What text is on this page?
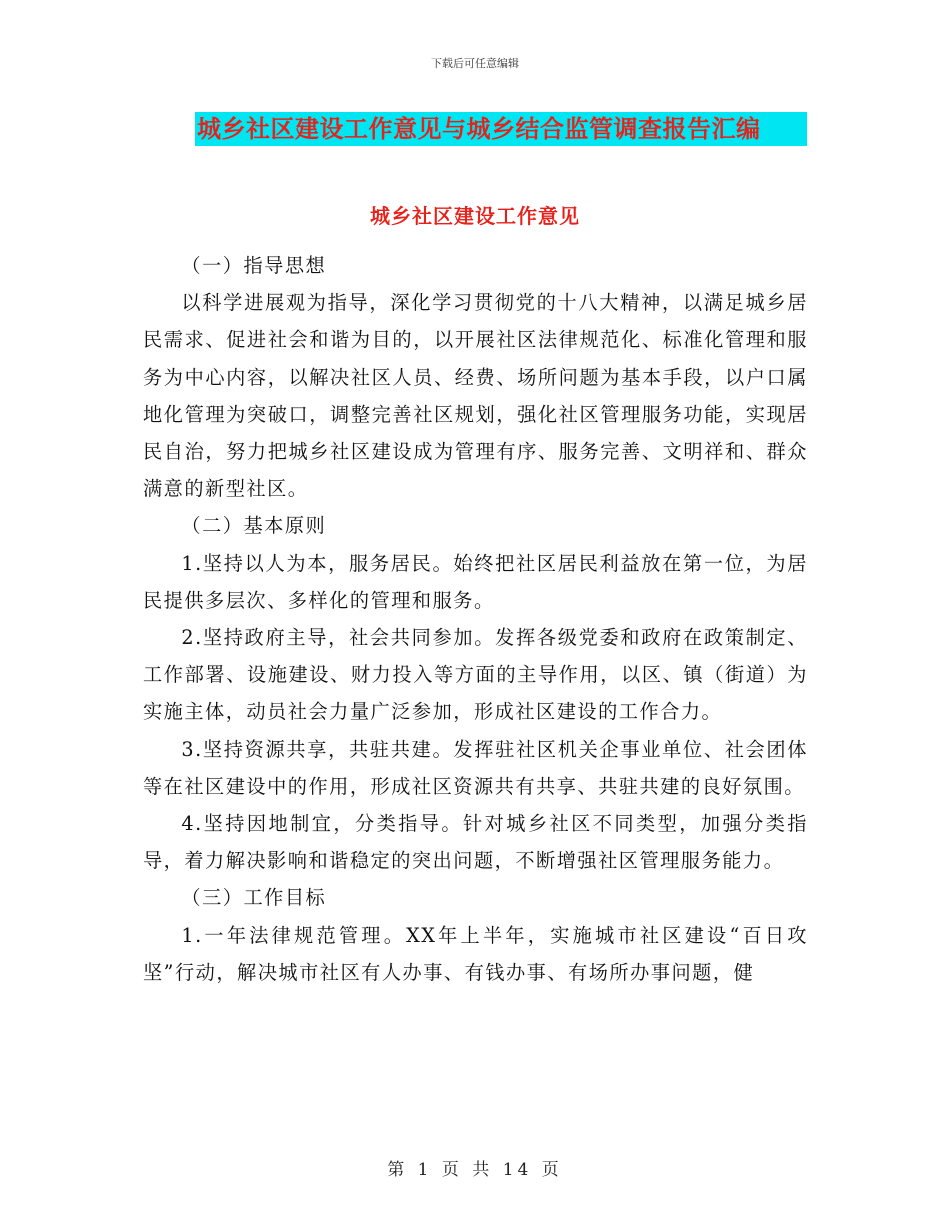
下载后可任意编辑
城乡社区建设工作意见与城乡结合监管调查报告汇编
城乡社区建设工作意见

（一）指导思想

以科学进展观为指导，深化学习贯彻党的十八大精神，以满足城乡居民需求、促进社会和谐为目的，以开展社区法律规范化、标准化管理和服务为中心内容，以解决社区人员、经费、场所问题为基本手段，以户口属地化管理为突破口，调整完善社区规划，强化社区管理服务功能，实现居民自治，努力把城乡社区建设成为管理有序、服务完善、文明祥和、群众满意的新型社区。

（二）基本原则

1.坚持以人为本，服务居民。始终把社区居民利益放在第一位，为居民提供多层次、多样化的管理和服务。

2.坚持政府主导，社会共同参加。发挥各级党委和政府在政策制定、工作部署、设施建设、财力投入等方面的主导作用，以区、镇（街道）为实施主体，动员社会力量广泛参加，形成社区建设的工作合力。

3.坚持资源共享，共驻共建。发挥驻社区机关企事业单位、社会团体等在社区建设中的作用，形成社区资源共有共享、共驻共建的良好氛围。

4.坚持因地制宜，分类指导。针对城乡社区不同类型，加强分类指导，着力解决影响和谐稳定的突出问题，不断增强社区管理服务能力。

（三）工作目标

1.一年法律规范管理。XX年上半年，实施城市社区建设“百日攻坚”行动，解决城市社区有人办事、有钱办事、有场所办事问题，健

第 1 页 共 14 页
